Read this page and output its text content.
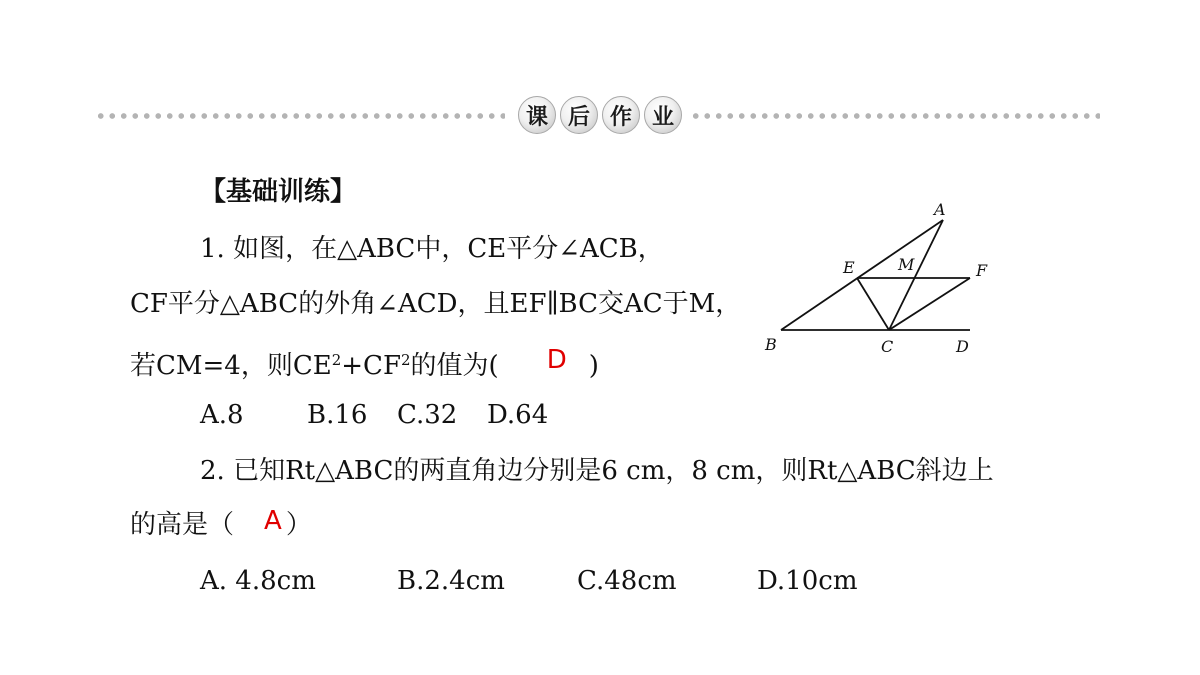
课 后 作 业
【基础训练】
1. 如图，在△ABC中，CE平分∠ACB，
CF平分△ABC的外角∠ACD，且EF∥BC交AC于M，
若CM=4，则$CE^2+CF^2$的值为( D )
A.8 B.16 C.32 D.64
2. 已知Rt△ABC的两直角边分别是6 cm，8 cm，则Rt△ABC斜边上
的高是（ A ）
A. 4.8cm	B.2.4cm	C.48cm	D.10cm
A
E	M	F
B	C	D
